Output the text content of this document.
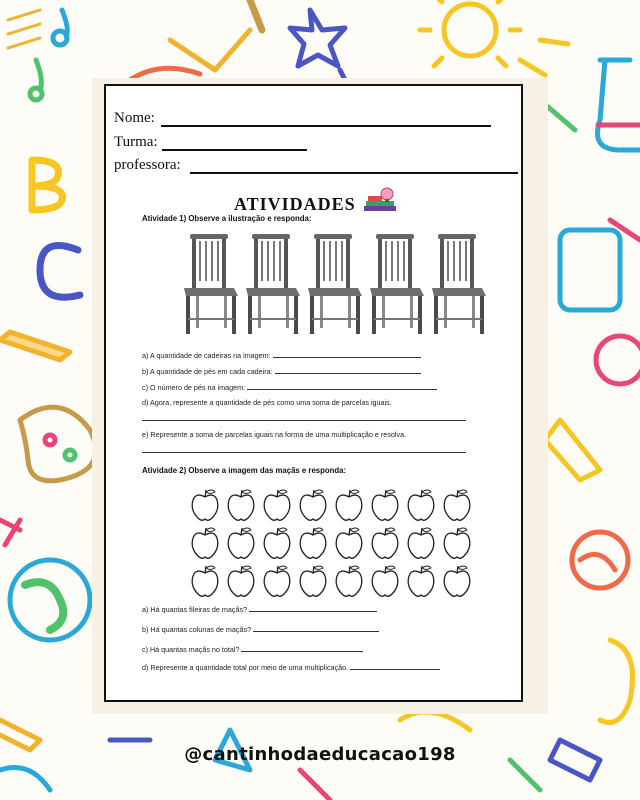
Nome:
Turma:
professora:
ATIVIDADES
Atividade 1) Observe a ilustração e responda:
a) A quantidade de cadeiras na imagem:
b) A quantidade de pés em cada cadeira:
c) O número de pés na imagem:
d) Agora, represente a quantidade de pés como uma soma de parcelas iguais.
e) Represente a soma de parcelas iguais na forma de uma multiplicação e resolva.
Atividade 2) Observe a imagem das maçãs e responda:
a) Há quantas fileiras de maçãs?
b) Há quantas colunas de maçãs?
c) Há quantas maçãs no total?
d) Represente a quantidade total por meio de uma multiplicação.
@cantinhodaeducacao198
